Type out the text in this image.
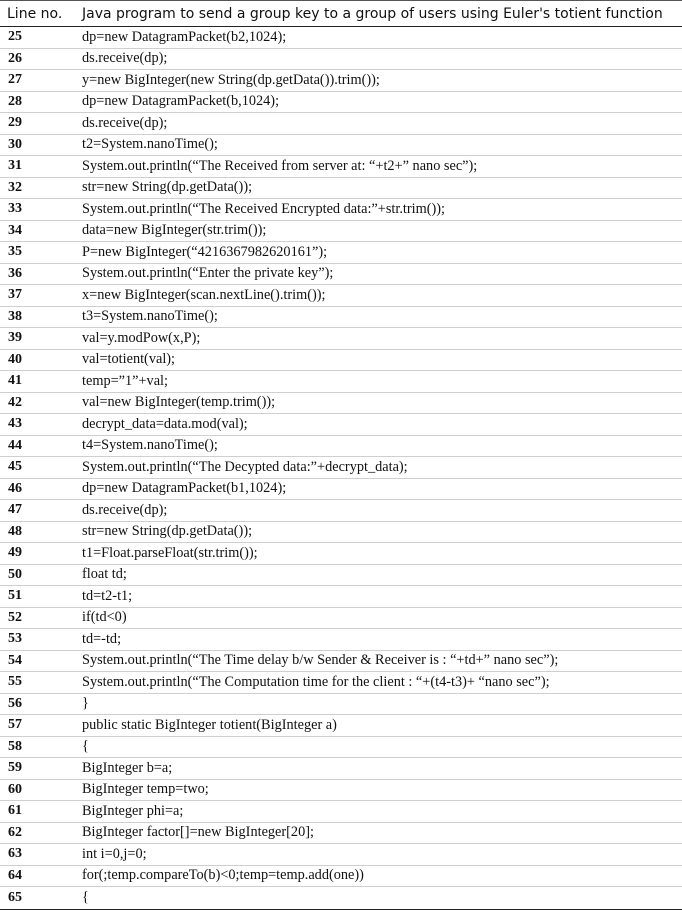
Line no.	Java program to send a group key to a group of users using Euler's totient function
25	dp=new DatagramPacket(b2,1024);
26	ds.receive(dp);
27	y=new BigInteger(new String(dp.getData()).trim());
28	dp=new DatagramPacket(b,1024);
29	ds.receive(dp);
30	t2=System.nanoTime();
31	System.out.println(“The Received from server at: “+t2+” nano sec”);
32	str=new String(dp.getData());
33	System.out.println(“The Received Encrypted data:”+str.trim());
34	data=new BigInteger(str.trim());
35	P=new BigInteger(“4216367982620161”);
36	System.out.println(“Enter the private key”);
37	x=new BigInteger(scan.nextLine().trim());
38	t3=System.nanoTime();
39	val=y.modPow(x,P);
40	val=totient(val);
41	temp=”1”+val;
42	val=new BigInteger(temp.trim());
43	decrypt_data=data.mod(val);
44	t4=System.nanoTime();
45	System.out.println(“The Decypted data:”+decrypt_data);
46	dp=new DatagramPacket(b1,1024);
47	ds.receive(dp);
48	str=new String(dp.getData());
49	t1=Float.parseFloat(str.trim());
50	float td;
51	td=t2-t1;
52	if(td<0)
53	td=-td;
54	System.out.println(“The Time delay b/w Sender & Receiver is : “+td+” nano sec”);
55	System.out.println(“The Computation time for the client : “+(t4-t3)+ “nano sec”);
56	}
57	public static BigInteger totient(BigInteger a)
58	{
59	BigInteger b=a;
60	BigInteger temp=two;
61	BigInteger phi=a;
62	BigInteger factor[]=new BigInteger[20];
63	int i=0,j=0;
64	for(;temp.compareTo(b)<0;temp=temp.add(one))
65	{
